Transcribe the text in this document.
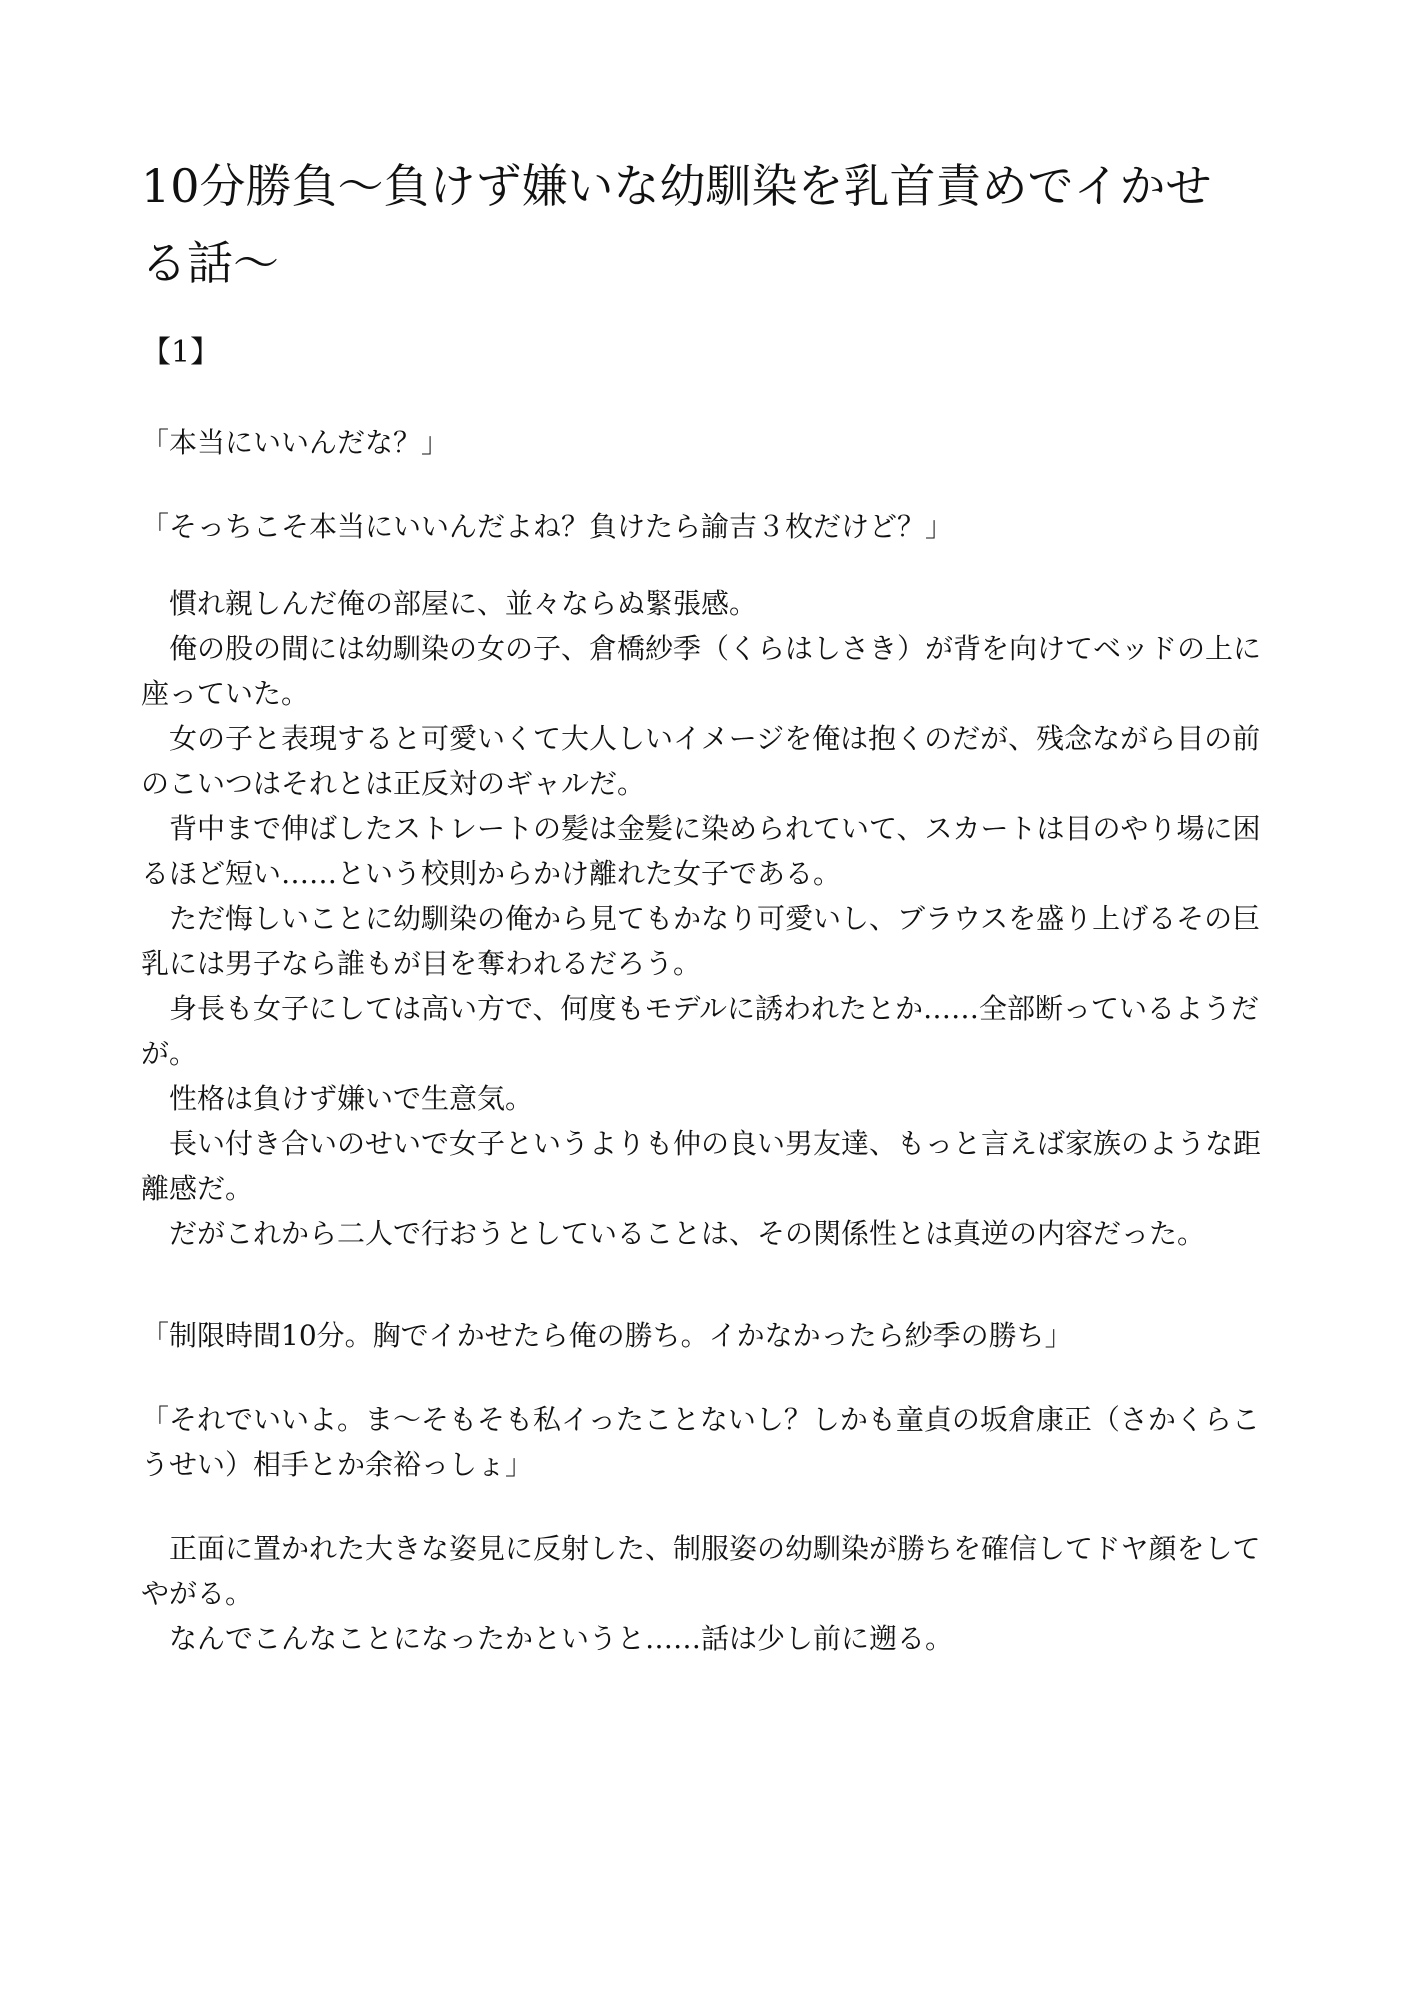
10分勝負〜負けず嫌いな幼馴染を乳首責めでイかせ
る話〜
【1】
「本当にいいんだな？」
「そっちこそ本当にいいんだよね？負けたら諭吉３枚だけど？」
　慣れ親しんだ俺の部屋に、並々ならぬ緊張感。
　俺の股の間には幼馴染の女の子、倉橋紗季（くらはしさき）が背を向けてベッドの上に
座っていた。
　女の子と表現すると可愛いくて大人しいイメージを俺は抱くのだが、残念ながら目の前
のこいつはそれとは正反対のギャルだ。
　背中まで伸ばしたストレートの髪は金髪に染められていて、スカートは目のやり場に困
るほど短い……という校則からかけ離れた女子である。
　ただ悔しいことに幼馴染の俺から見てもかなり可愛いし、ブラウスを盛り上げるその巨
乳には男子なら誰もが目を奪われるだろう。
　身長も女子にしては高い方で、何度もモデルに誘われたとか……全部断っているようだ
が。
　性格は負けず嫌いで生意気。
　長い付き合いのせいで女子というよりも仲の良い男友達、もっと言えば家族のような距
離感だ。
　だがこれから二人で行おうとしていることは、その関係性とは真逆の内容だった。
「制限時間10分。胸でイかせたら俺の勝ち。イかなかったら紗季の勝ち」
「それでいいよ。ま〜そもそも私イったことないし？しかも童貞の坂倉康正（さかくらこ
うせい）相手とか余裕っしょ」
　正面に置かれた大きな姿見に反射した、制服姿の幼馴染が勝ちを確信してドヤ顔をして
やがる。
　なんでこんなことになったかというと……話は少し前に遡る。
